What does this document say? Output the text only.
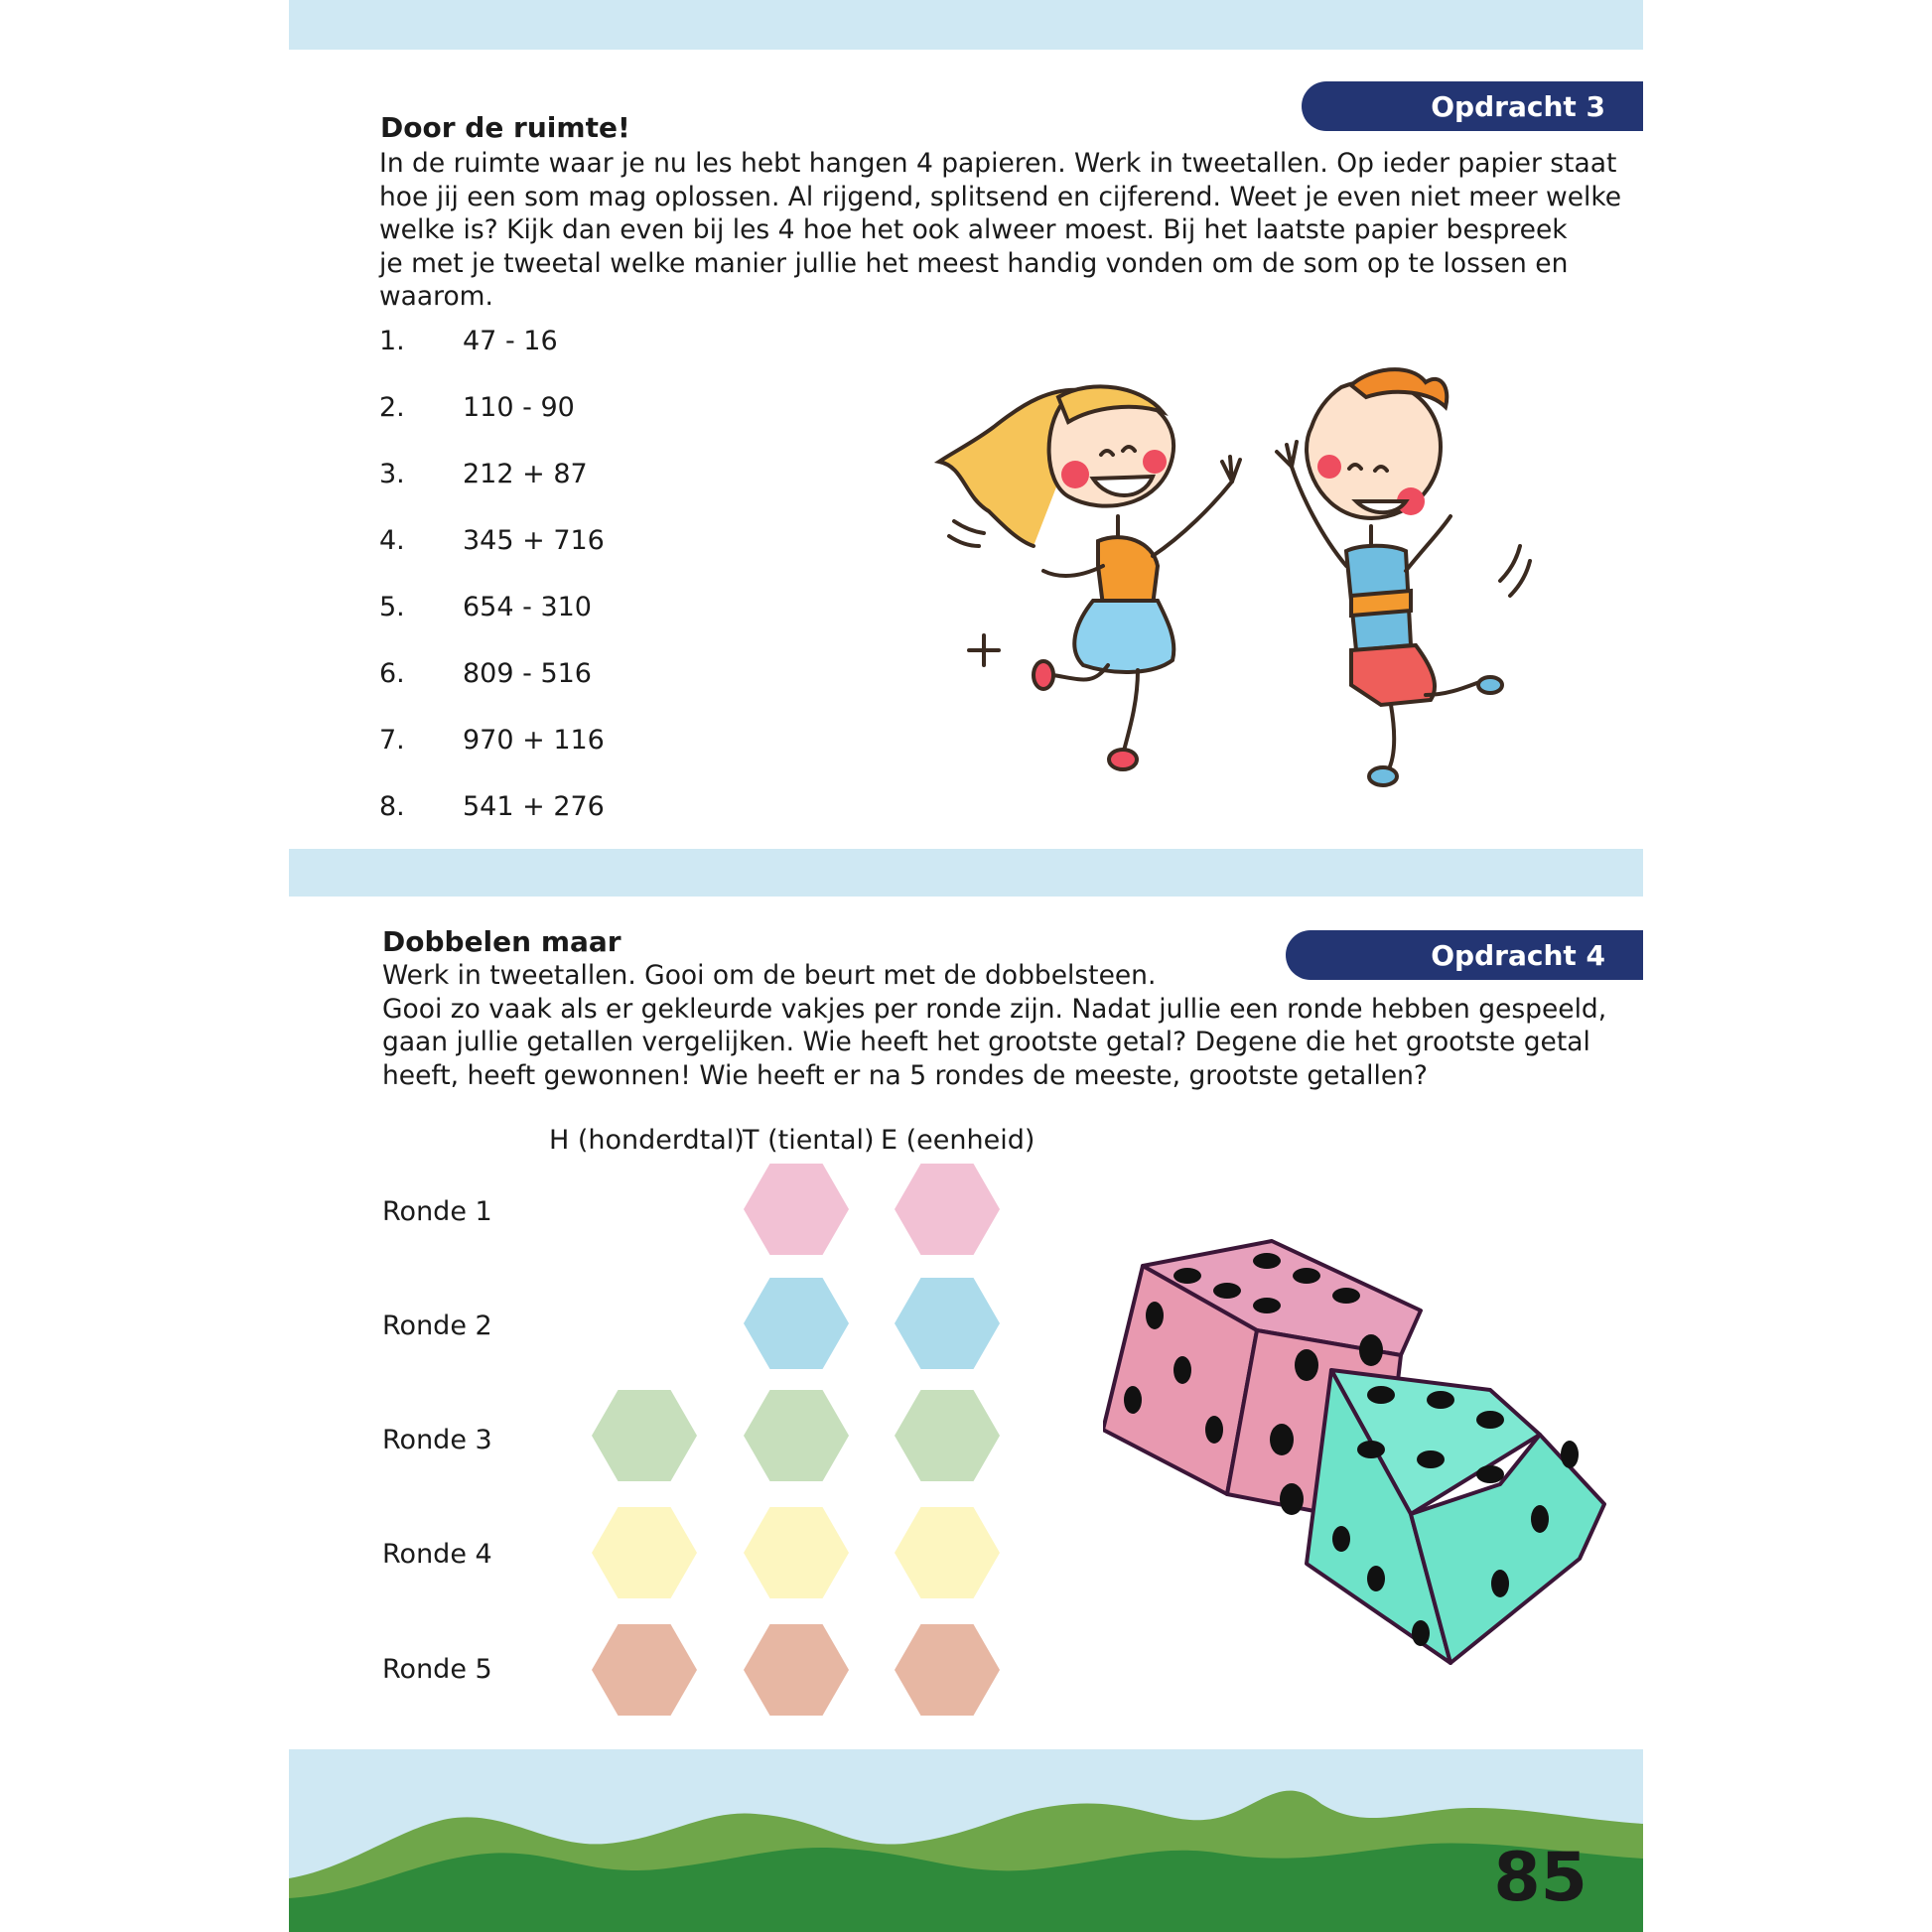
Opdracht 3
Door de ruimte!
In de ruimte waar je nu les hebt hangen 4 papieren. Werk in tweetallen. Op ieder papier staat
hoe jij een som mag oplossen. Al rijgend, splitsend en cijferend. Weet je even niet meer welke
welke is? Kijk dan even bij les 4 hoe het ook alweer moest. Bij het laatste papier bespreek
je met je tweetal welke manier jullie het meest handig vonden om de som op te lossen en
waarom.
1. 47 - 16
2. 110 - 90
3. 212 + 87
4. 345 + 716
5. 654 - 310
6. 809 - 516
7. 970 + 116
8. 541 + 276
Opdracht 4
Dobbelen maar
Werk in tweetallen. Gooi om de beurt met de dobbelsteen.
Gooi zo vaak als er gekleurde vakjes per ronde zijn. Nadat jullie een ronde hebben gespeeld,
gaan jullie getallen vergelijken. Wie heeft het grootste getal? Degene die het grootste getal
heeft, heeft gewonnen! Wie heeft er na 5 rondes de meeste, grootste getallen?
H (honderdtal)
T (tiental) E (eenheid)
Ronde 1
Ronde 2
Ronde 3
Ronde 4
Ronde 5
85
